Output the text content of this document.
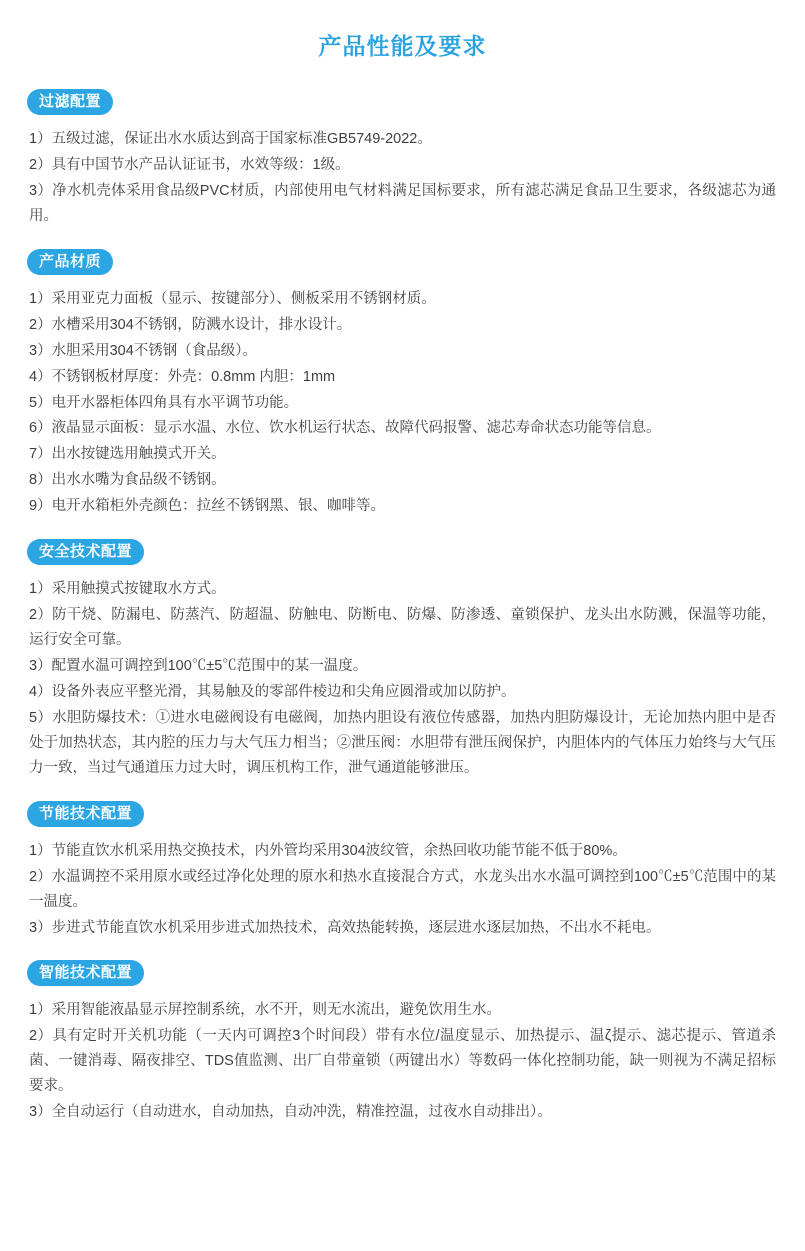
产品性能及要求
过滤配置
1）五级过滤，保证出水水质达到高于国家标准GB5749-2022。
2）具有中国节水产品认证证书，水效等级：1级。
3）净水机壳体采用食品级PVC材质，内部使用电气材料满足国标要求，所有滤芯满足食品卫生要求，各级滤芯为通用。
产品材质
1）采用亚克力面板（显示、按键部分）、侧板采用不锈钢材质。
2）水槽采用304不锈钢，防溅水设计，排水设计。
3）水胆采用304不锈钢（食品级）。
4）不锈钢板材厚度：外壳：0.8mm 内胆：1mm
5）电开水器柜体四角具有水平调节功能。
6）液晶显示面板：显示水温、水位、饮水机运行状态、故障代码报警、滤芯寿命状态功能等信息。
7）出水按键选用触摸式开关。
8）出水水嘴为食品级不锈钢。
9）电开水箱柜外壳颜色：拉丝不锈钢黑、银、咖啡等。
安全技术配置
1）采用触摸式按键取水方式。
2）防干烧、防漏电、防蒸汽、防超温、防触电、防断电、防爆、防渗透、童锁保护、龙头出水防溅，保温等功能，运行安全可靠。
3）配置水温可调控到100℃±5℃范围中的某一温度。
4）设备外表应平整光滑，其易触及的零部件棱边和尖角应圆滑或加以防护。
5）水胆防爆技术：①进水电磁阀设有电磁阀，加热内胆设有液位传感器，加热内胆防爆设计，无论加热内胆中是否处于加热状态，其内腔的压力与大气压力相当；②泄压阀：水胆带有泄压阀保护，内胆体内的气体压力始终与大气压力一致，当过气通道压力过大时，调压机构工作，泄气通道能够泄压。
节能技术配置
1）节能直饮水机采用热交换技术，内外管均采用304波纹管，余热回收功能节能不低于80%。
2）水温调控不采用原水或经过净化处理的原水和热水直接混合方式，水龙头出水水温可调控到100℃±5℃范围中的某一温度。
3）步进式节能直饮水机采用步进式加热技术，高效热能转换，逐层进水逐层加热，不出水不耗电。
智能技术配置
1）采用智能液晶显示屏控制系统，水不开，则无水流出，避免饮用生水。
2）具有定时开关机功能（一天内可调控3个时间段）带有水位/温度显示、加热提示、温ζ提示、滤芯提示、管道杀菌、一键消毒、隔夜排空、TDS值监测、出厂自带童锁（两键出水）等数码一体化控制功能，缺一则视为不满足招标要求。
3）全自动运行（自动进水，自动加热，自动冲洗，精准控温，过夜水自动排出）。
